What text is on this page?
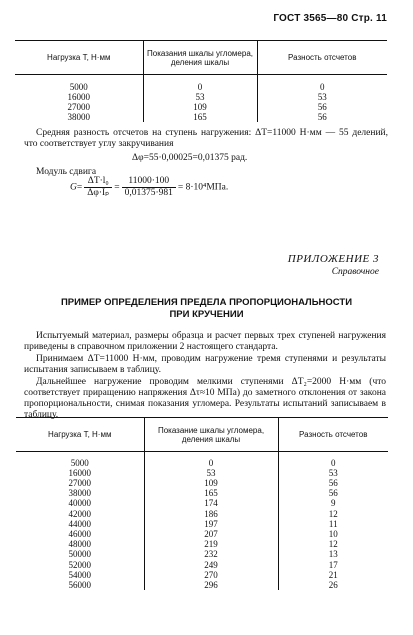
ГОСТ 3565—80 Стр. 11
Нагрузка T, Н·мм	Показания шкалы угломера, деления шкалы	Разность отсчетов

5000	0	0
16000	53	53
27000	109	56
38000	165	56
Средняя разность отсчетов на ступень нагружения: ΔT=11000 Н·мм — 55 делений, что соответствует углу закручивания
Δφ=55·0,00025=0,01375 рад.
Модуль сдвига
$G= \frac{\text{ΔT·l₀}}{\text{Δφ·Iₚ}} = \frac{11000\cdot 100}{0,01375\cdot 981} = 8\cdot 10^4МПа$.
ПРИЛОЖЕНИЕ 3
Справочное
ПРИМЕР ОПРЕДЕЛЕНИЯ ПРЕДЕЛА ПРОПОРЦИОНАЛЬНОСТИ
ПРИ КРУЧЕНИИ
Испытуемый материал, размеры образца и расчет первых трех ступеней нагружения приведены в справочном приложении 2 настоящего стандарта.
Принимаем ΔT=11000 Н·мм, проводим нагружение тремя ступенями и результаты испытания записываем в таблицу.
Дальнейшее нагружение проводим мелкими ступенями ΔT₂=2000 Н·мм (что соответствует приращению напряжения Δτ≈10 МПа) до заметного отклонения от закона пропорциональности, снимая показания угломера. Результаты испытаний записываем в таблицу.
Нагрузка T, Н·мм	Показание шкалы угломера, деления шкалы	Разность отсчетов

5000	0	0
16000	53	53
27000	109	56
38000	165	56
40000	174	9
42000	186	12
44000	197	11
46000	207	10
48000	219	12
50000	232	13
52000	249	17
54000	270	21
56000	296	26
